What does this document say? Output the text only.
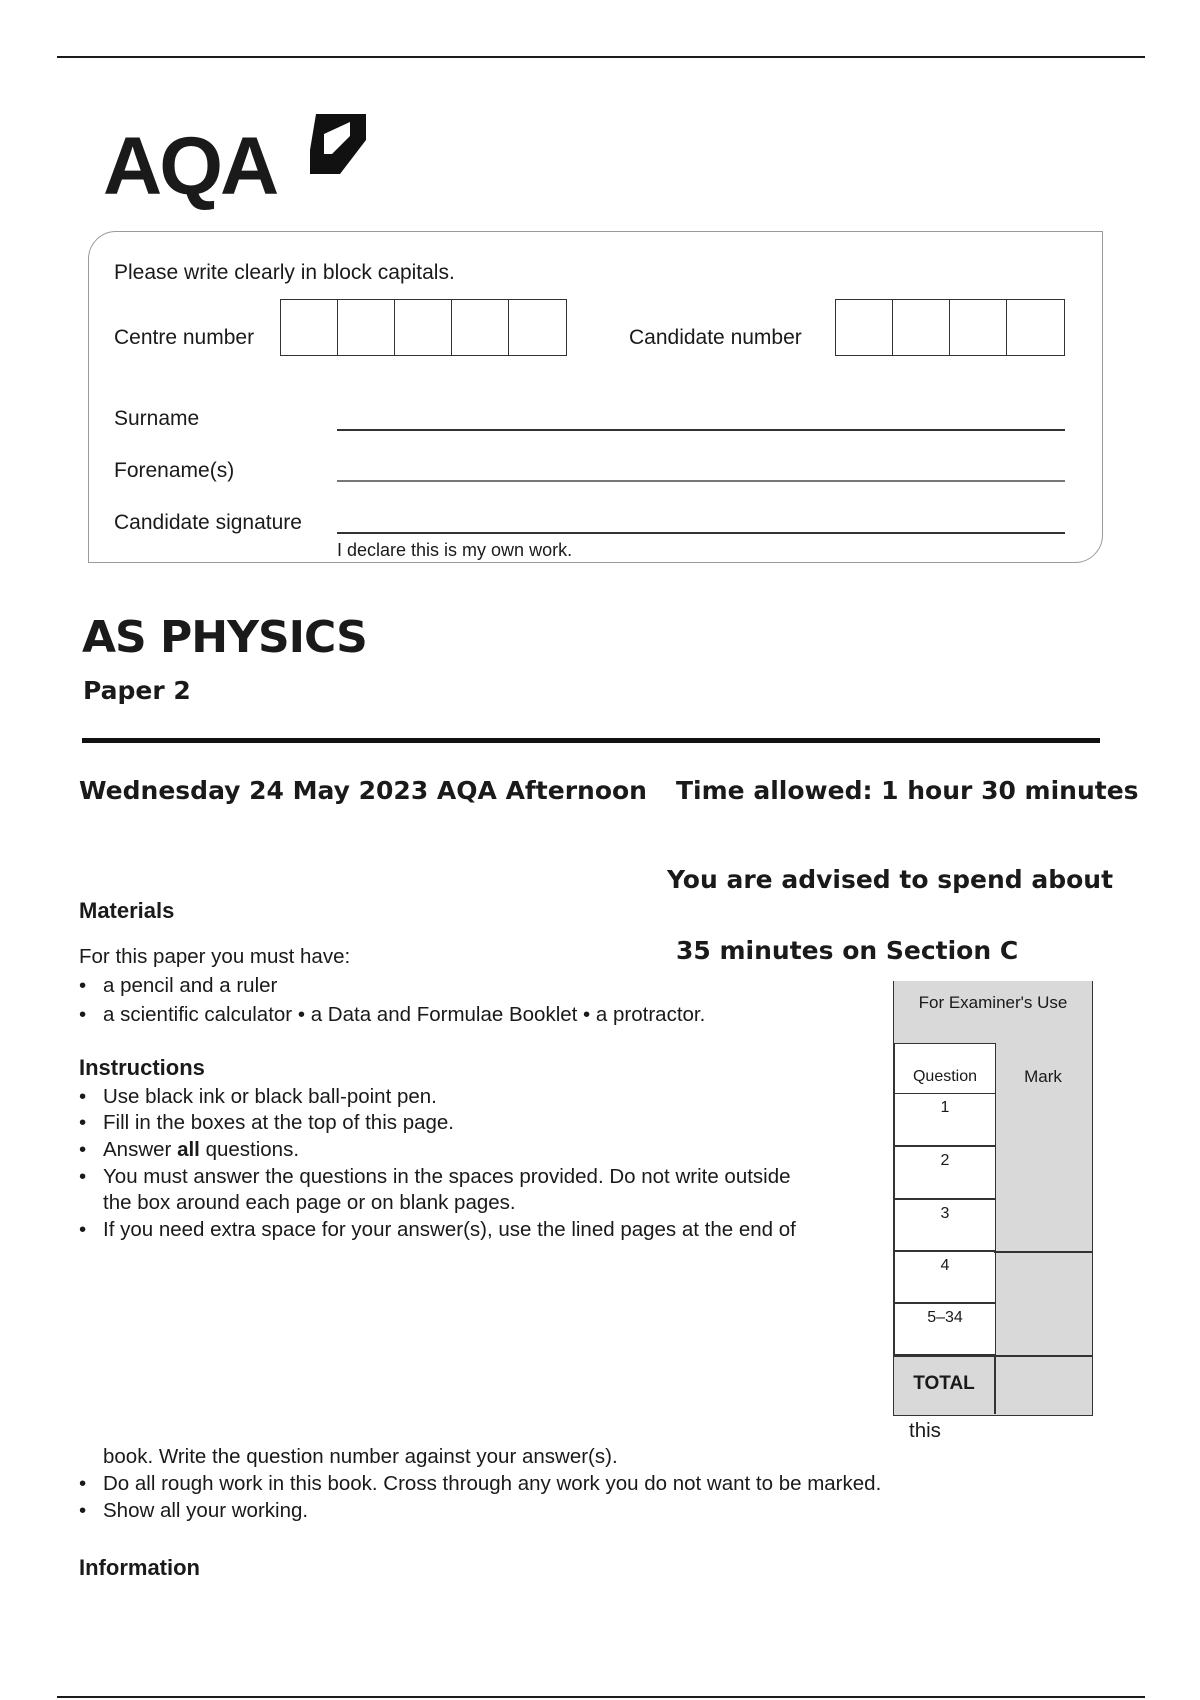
AQA
Please write clearly in block capitals.
Centre number	Candidate number
Surname
Forename(s)
Candidate signature
I declare this is my own work.
AS PHYSICS
Paper 2
Wednesday 24 May 2023 AQA Afternoon Time allowed: 1 hour 30 minutes
You are advised to spend about
35 minutes on Section C
Materials
For this paper you must have:
• a pencil and a ruler
• a scientific calculator • a Data and Formulae Booklet • a protractor.
Instructions
• Use black ink or black ball-point pen.
• Fill in the boxes at the top of this page.
• Answer all questions.
• You must answer the questions in the spaces provided. Do not write outside
the box around each page or on blank pages.
• If you need extra space for your answer(s), use the lined pages at the end of
this
book. Write the question number against your answer(s).
• Do all rough work in this book. Cross through any work you do not want to be marked.
• Show all your working.
Information
For Examiner's Use
Mark
Question
1
2
3
4
5–34
TOTAL
